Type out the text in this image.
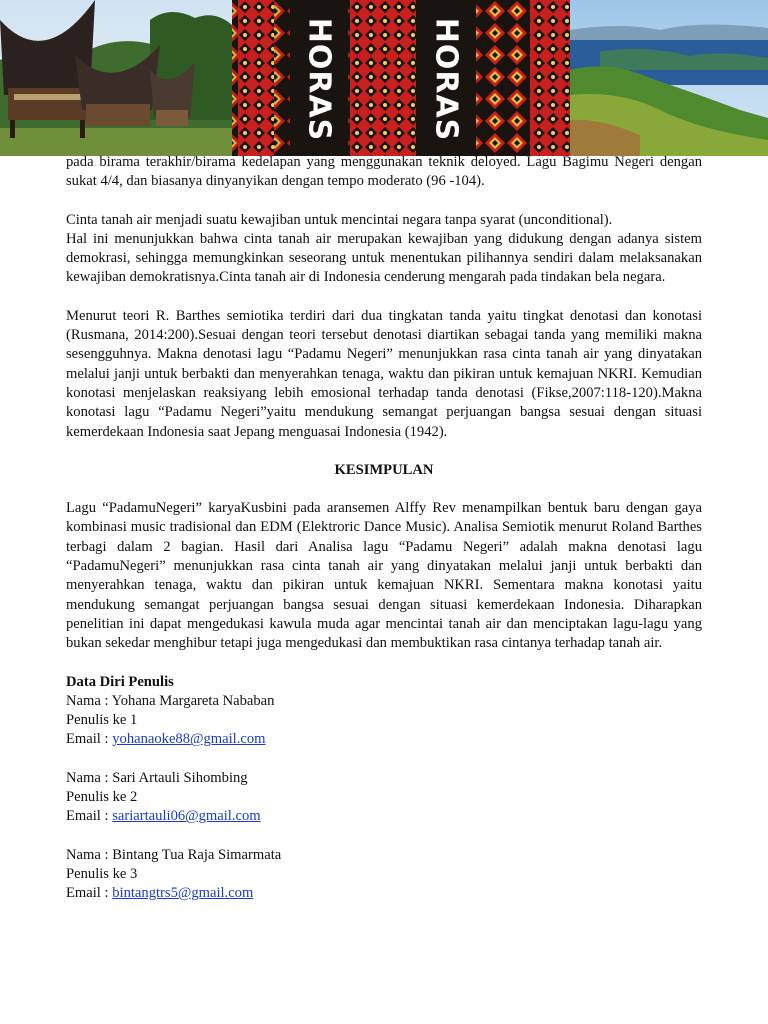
HORAS	HORAS

pada birama terakhir/birama kedelapan yang menggunakan teknik deloyed. Lagu Bagimu Negeri dengan sukat 4/4, dan biasanya dinyanyikan dengan tempo moderato (96 -104).

Cinta tanah air menjadi suatu kewajiban untuk mencintai negara tanpa syarat (unconditional).

Hal ini menunjukkan bahwa cinta tanah air merupakan kewajiban yang didukung dengan adanya sistem demokrasi, sehingga memungkinkan seseorang untuk menentukan pilihannya sendiri dalam melaksanakan kewajiban demokratisnya.Cinta tanah air di Indonesia cenderung mengarah pada tindakan bela negara.

Menurut teori R. Barthes semiotika terdiri dari dua tingkatan tanda yaitu tingkat denotasi dan konotasi (Rusmana, 2014:200).Sesuai dengan teori tersebut denotasi diartikan sebagai tanda yang memiliki makna sesengguhnya. Makna denotasi lagu “Padamu Negeri” menunjukkan rasa cinta tanah air yang dinyatakan melalui janji untuk berbakti dan menyerahkan tenaga, waktu dan pikiran untuk kemajuan NKRI. Kemudian konotasi menjelaskan reaksiyang lebih emosional terhadap tanda denotasi (Fikse,2007:118-120).Makna konotasi lagu “Padamu Negeri”yaitu mendukung semangat perjuangan bangsa sesuai dengan situasi kemerdekaan Indonesia saat Jepang menguasai Indonesia (1942).

KESIMPULAN

Lagu “PadamuNegeri” karyaKusbini pada aransemen Alffy Rev menampilkan bentuk baru dengan gaya kombinasi music tradisional dan EDM (Elektroric Dance Music). Analisa Semiotik menurut Roland Barthes terbagi dalam 2 bagian. Hasil dari Analisa lagu “Padamu Negeri” adalah makna denotasi lagu “PadamuNegeri” menunjukkan rasa cinta tanah air yang dinyatakan melalui janji untuk berbakti dan menyerahkan tenaga, waktu dan pikiran untuk kemajuan NKRI. Sementara makna konotasi yaitu mendukung semangat perjuangan bangsa sesuai dengan situasi kemerdekaan Indonesia. Diharapkan penelitian ini dapat mengedukasi kawula muda agar mencintai tanah air dan menciptakan lagu-lagu yang bukan sekedar menghibur tetapi juga mengedukasi dan membuktikan rasa cintanya terhadap tanah air.

Data Diri Penulis

Nama : Yohana Margareta Nababan

Penulis ke 1

Email : yohanaoke88@gmail.com

Nama : Sari Artauli Sihombing

Penulis ke 2

Email : sariartauli06@gmail.com

Nama : Bintang Tua Raja Simarmata

Penulis ke 3

Email : bintangtrs5@gmail.com
